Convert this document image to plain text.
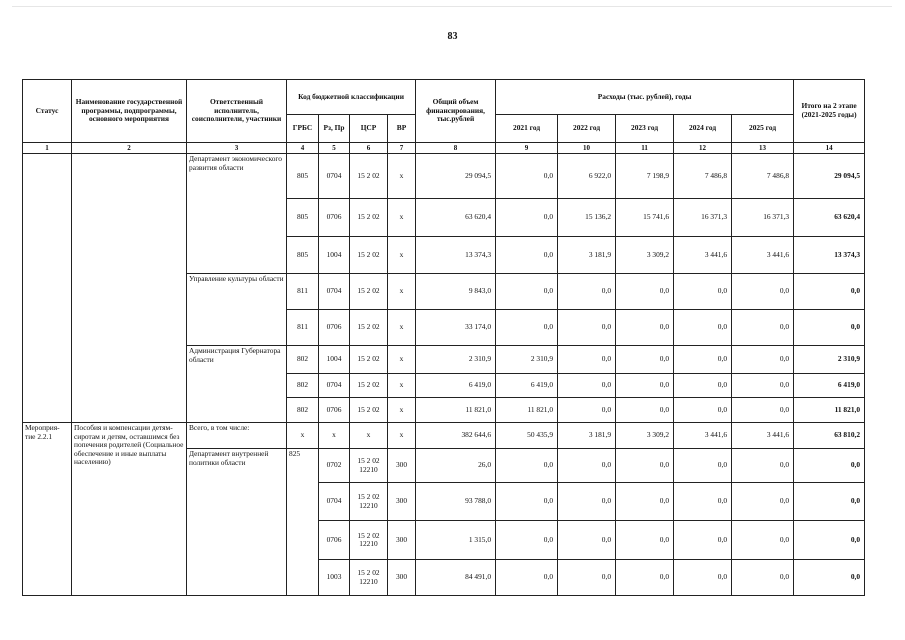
83
Статус	Наименование государственной программы, подпрограммы, основного мероприятия	Ответственный исполнитель, соисполнители, участники	Код бюджетной классификации				Общий объем финансирования, тыс.рублей	Расходы (тыс. рублей), годы					Итого на 2 этапе (2021-2025 годы)
			ГРБС	Рз, Пр	ЦСР	ВР		2021 год	2022 год	2023 год	2024 год	2025 год	
1	2	3	4	5	6	7	8	9	10	11	12	13	14
		Департамент экономического развития области	805	0704	15 2 02	x	29 094,5	0,0	6 922,0	7 198,9	7 486,8	7 486,8	29 094,5
			805	0706	15 2 02	x	63 620,4	0,0	15 136,2	15 741,6	16 371,3	16 371,3	63 620,4
			805	1004	15 2 02	x	13 374,3	0,0	3 181,9	3 309,2	3 441,6	3 441,6	13 374,3
		Управление культуры области	811	0704	15 2 02	x	9 843,0	0,0	0,0	0,0	0,0	0,0	0,0
			811	0706	15 2 02	x	33 174,0	0,0	0,0	0,0	0,0	0,0	0,0
		Администрация Губернатора области	802	1004	15 2 02	x	2 310,9	2 310,9	0,0	0,0	0,0	0,0	2 310,9
			802	0704	15 2 02	x	6 419,0	6 419,0	0,0	0,0	0,0	0,0	6 419,0
			802	0706	15 2 02	x	11 821,0	11 821,0	0,0	0,0	0,0	0,0	11 821,0
Мероприя-тие 2.2.1	Пособия и компенсации детям-сиротам и детям, оставшимся без попечения родителей (Социальное обеспечение и иные выплаты населению)	Всего, в том числе:	x	x	x	x	382 644,6	50 435,9	3 181,9	3 309,2	3 441,6	3 441,6	63 810,2
		Департамент внутренней политики области	825	0702	15 2 02 12210	300	26,0	0,0	0,0	0,0	0,0	0,0	0,0
				0704	15 2 02 12210	300	93 788,0	0,0	0,0	0,0	0,0	0,0	0,0
				0706	15 2 02 12210	300	1 315,0	0,0	0,0	0,0	0,0	0,0	0,0
				1003	15 2 02 12210	300	84 491,0	0,0	0,0	0,0	0,0	0,0	0,0
